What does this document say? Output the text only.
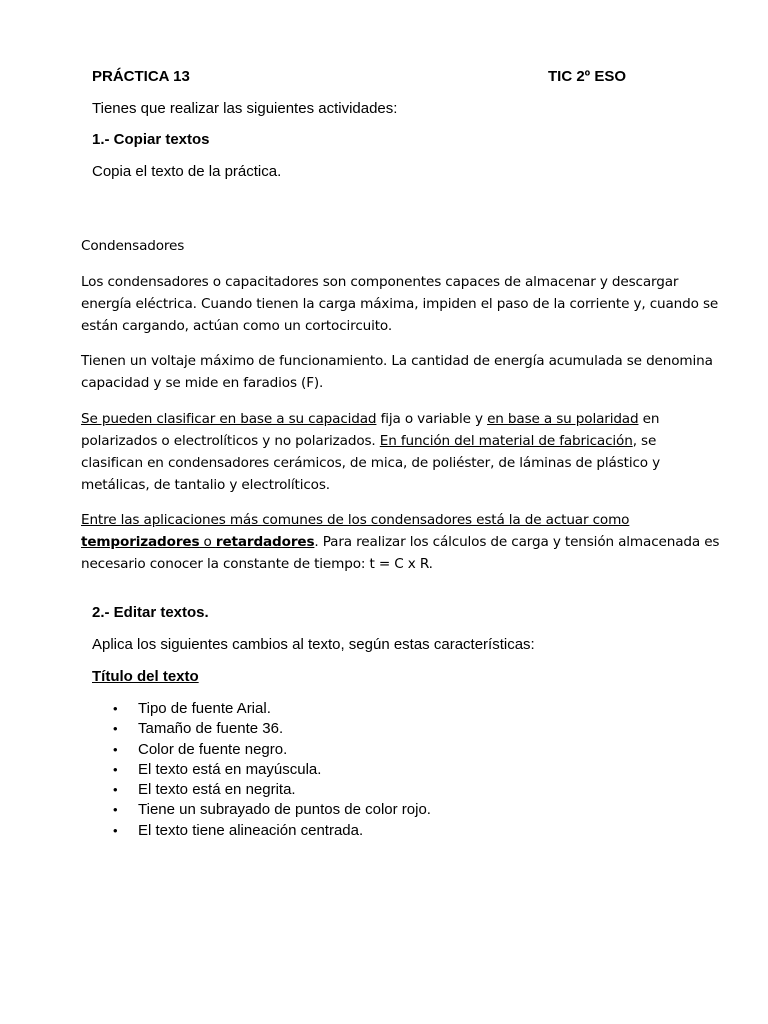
PRÁCTICA 13	TIC 2º ESO
Tienes que realizar las siguientes actividades:
1.- Copiar textos
Copia el texto de la práctica.
Condensadores
Los condensadores o capacitadores son componentes capaces de almacenar y descargar
energía eléctrica. Cuando tienen la carga máxima, impiden el paso de la corriente y, cuando se
están cargando, actúan como un cortocircuito.
Tienen un voltaje máximo de funcionamiento. La cantidad de energía acumulada se denomina
capacidad y se mide en faradios (F).
Se pueden clasificar en base a su capacidad fija o variable y en base a su polaridad en
polarizados o electrolíticos y no polarizados. En función del material de fabricación, se
clasifican en condensadores cerámicos, de mica, de poliéster, de láminas de plástico y
metálicas, de tantalio y electrolíticos.
Entre las aplicaciones más comunes de los condensadores está la de actuar como
temporizadores o retardadores. Para realizar los cálculos de carga y tensión almacenada es
necesario conocer la constante de tiempo: t = C x R.
2.- Editar textos.
Aplica los siguientes cambios al texto, según estas características:
Título del texto
• Tipo de fuente Arial.
• Tamaño de fuente 36.
• Color de fuente negro.
• El texto está en mayúscula.
• El texto está en negrita.
• Tiene un subrayado de puntos de color rojo.
• El texto tiene alineación centrada.
